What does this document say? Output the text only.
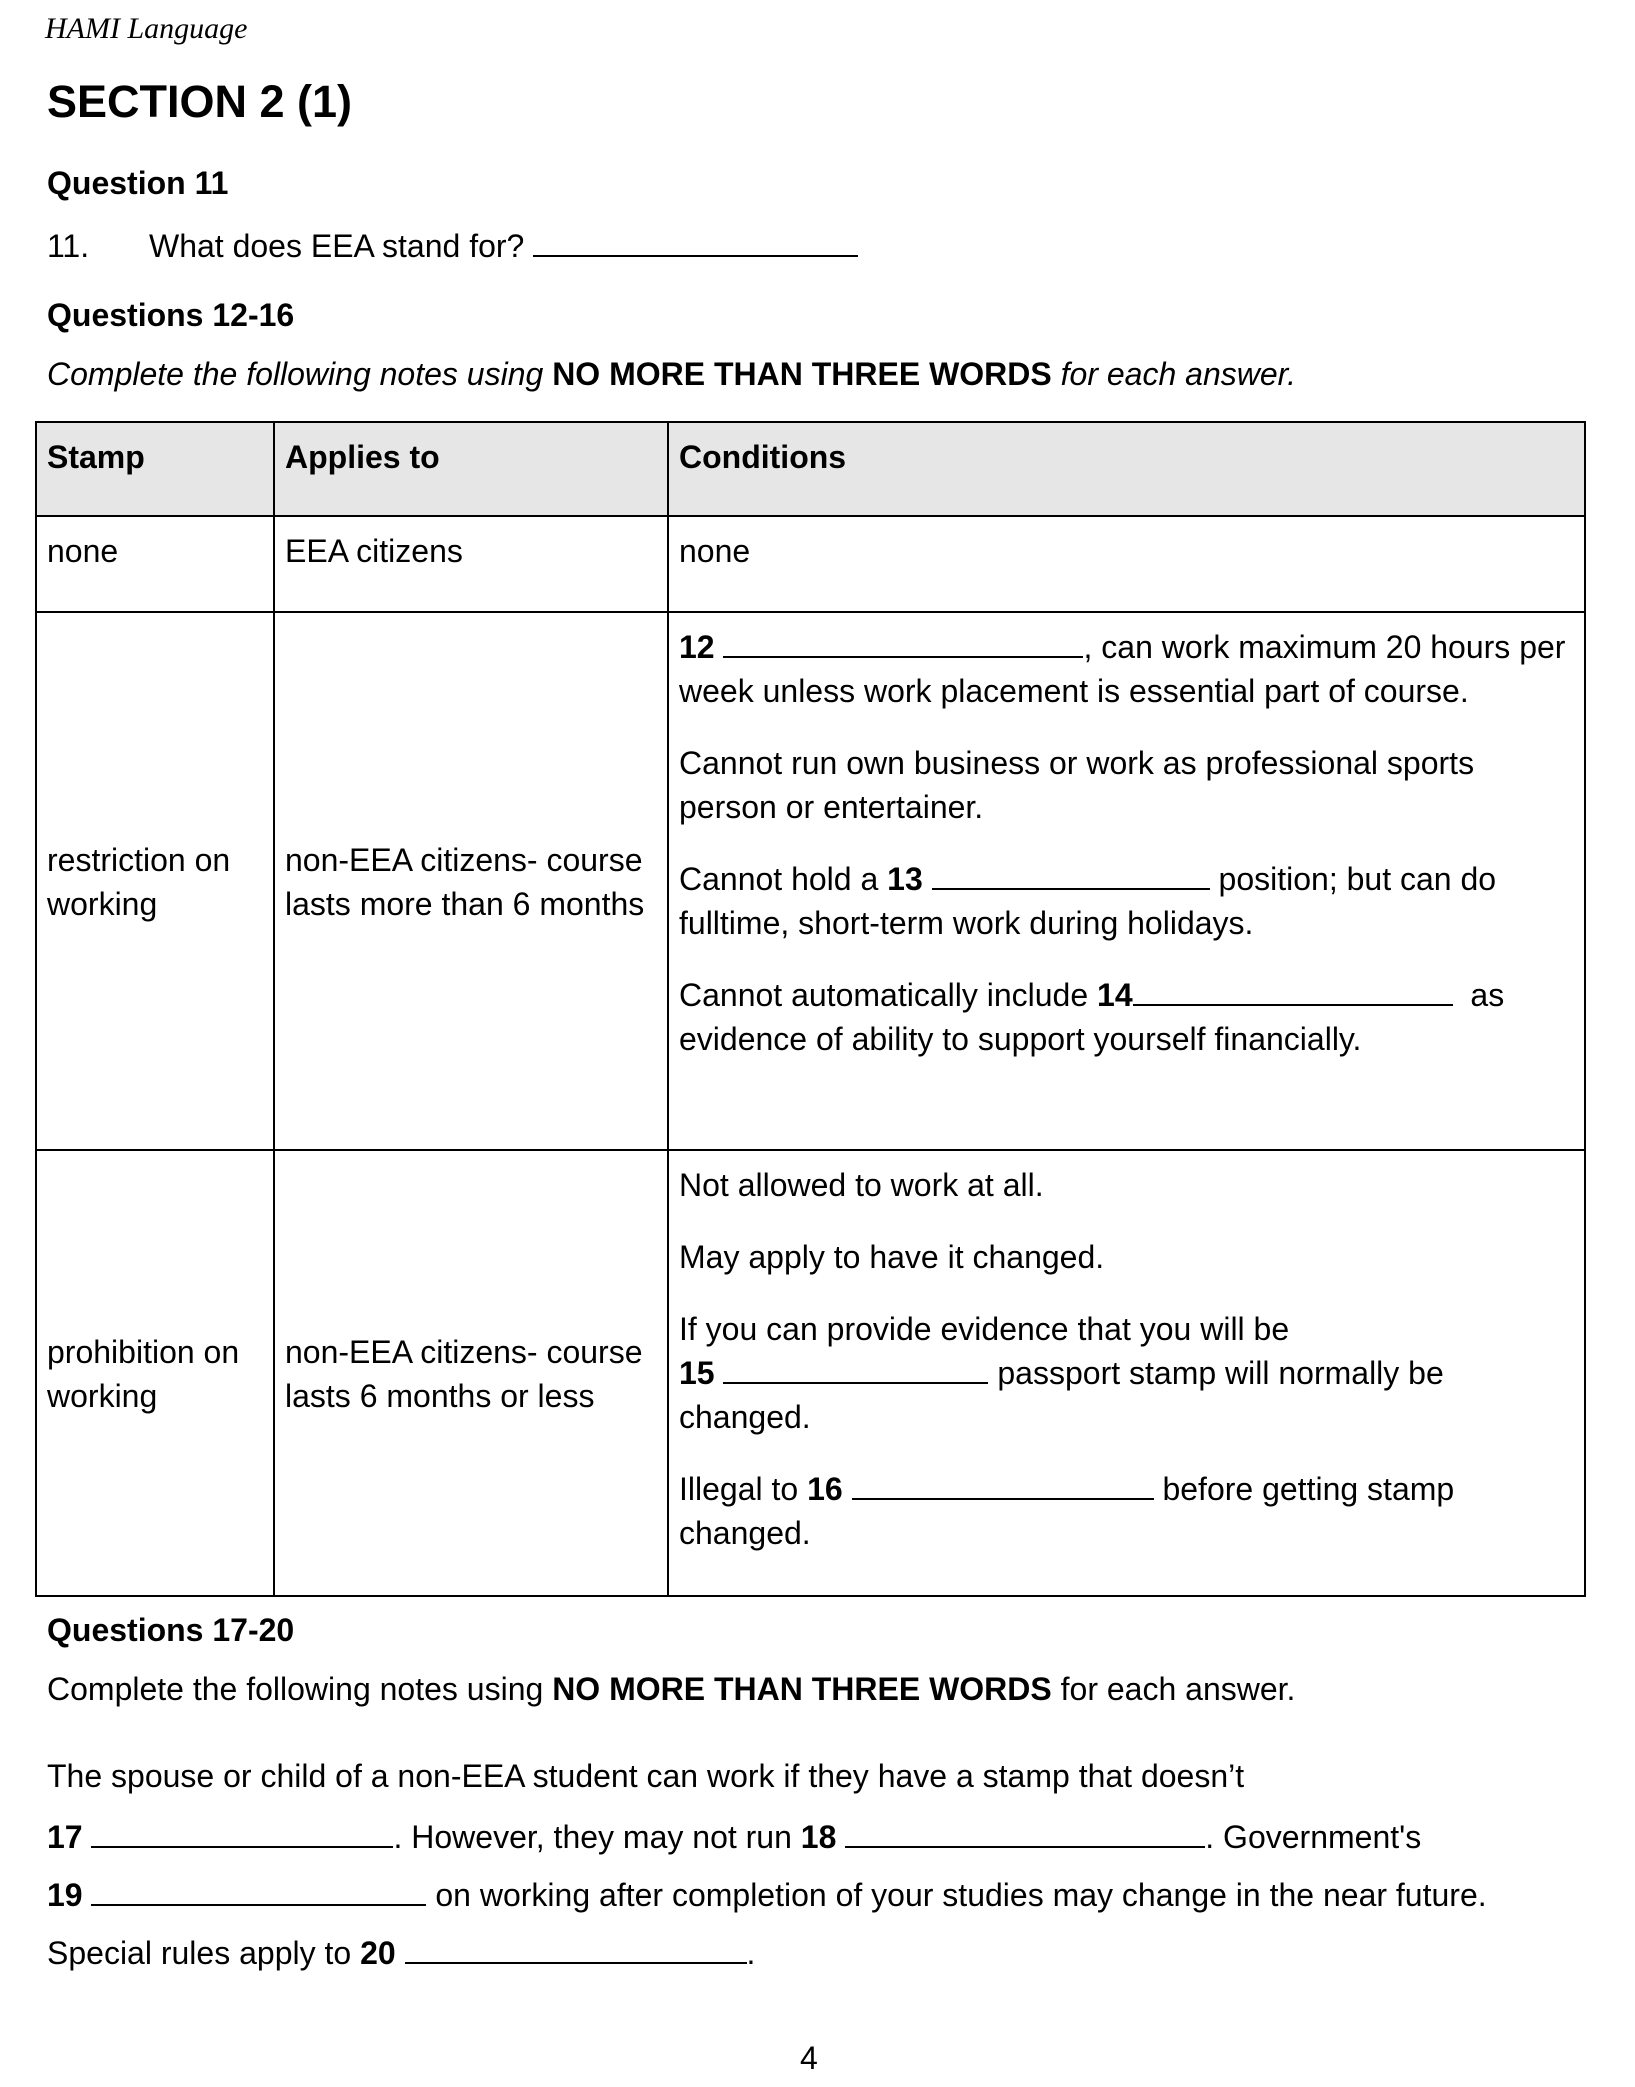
HAMI Language
SECTION 2 (1)
Question 11
11. What does EEA stand for?
Questions 12-16
Complete the following notes using NO MORE THAN THREE WORDS for each answer.
Stamp	Applies to	Conditions
none	EEA citizens	none
restriction on working	non-EEA citizens- course lasts more than 6 months	12 , can work maximum 20 hours per week unless work placement is essential part of course.

Cannot run own business or work as professional sports person or entertainer.

Cannot hold a 13 position; but can do fulltime, short-term work during holidays.

Cannot automatically include 14 as evidence of ability to support yourself financially.

prohibition on working	non-EEA citizens- course lasts 6 months or less	Not allowed to work at all.

May apply to have it changed.

If you can provide evidence that you will be
15 passport stamp will normally be changed.

Illegal to 16 before getting stamp changed.

Questions 17-20
Complete the following notes using NO MORE THAN THREE WORDS for each answer.
The spouse or child of a non-EEA student can work if they have a stamp that doesn’t
17	. However, they may not run 18	. Government's
19	on working after completion of your studies may change in the near future.
Special rules apply to 20	.
4
